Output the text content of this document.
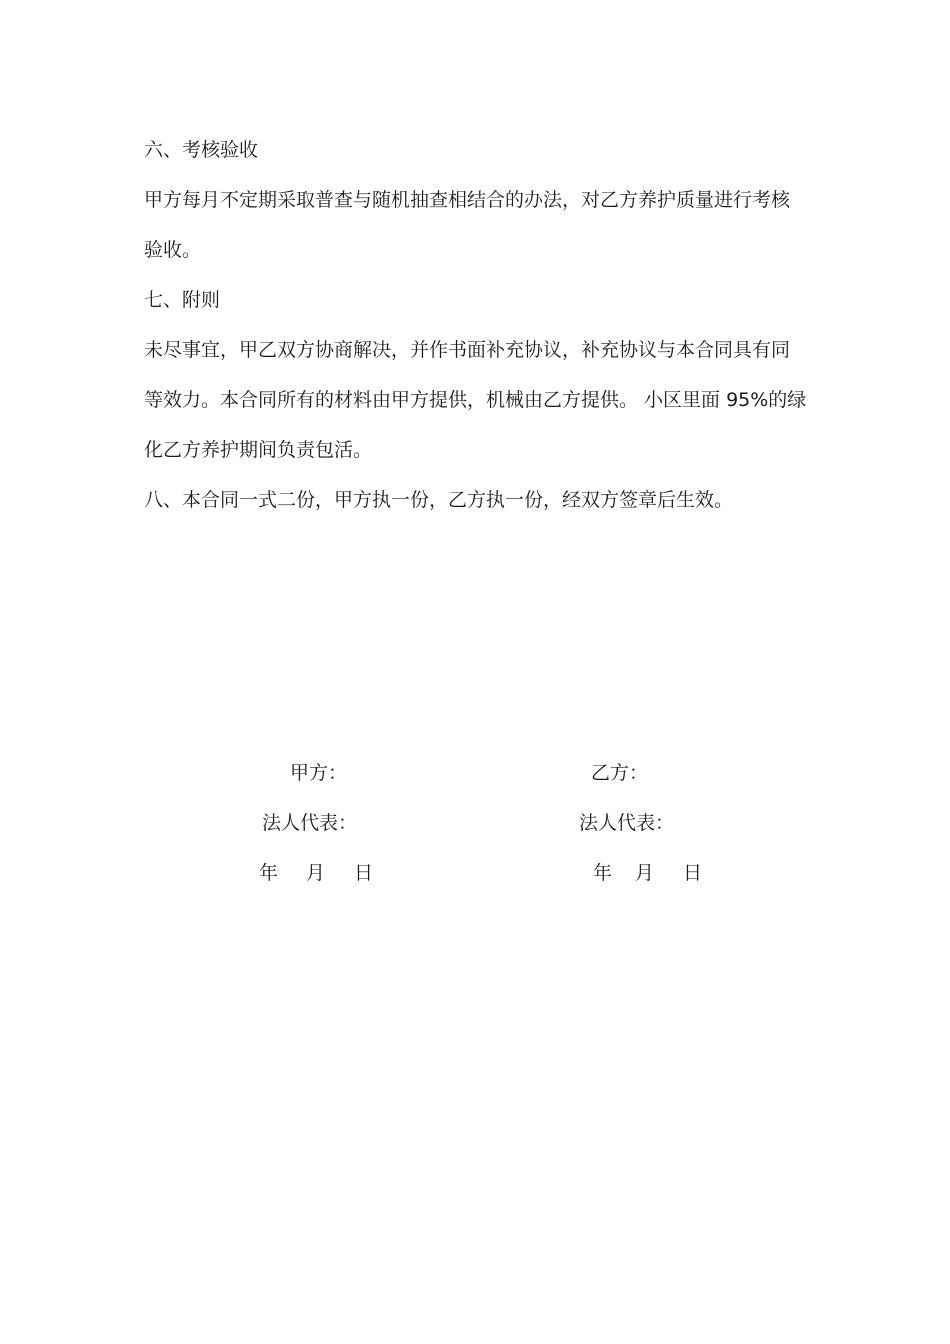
六、考核验收
甲方每月不定期采取普查与随机抽查相结合的办法，对乙方养护质量进行考核
验收。
七、附则
未尽事宜，甲乙双方协商解决，并作书面补充协议，补充协议与本合同具有同
等效力。本合同所有的材料由甲方提供，机械由乙方提供。 小区里面 95%的绿
化乙方养护期间负责包活。
八、本合同一式二份，甲方执一份，乙方执一份，经双方签章后生效。
甲方：
法人代表：
年 月 日
乙方：
法人代表：
年 月 日
